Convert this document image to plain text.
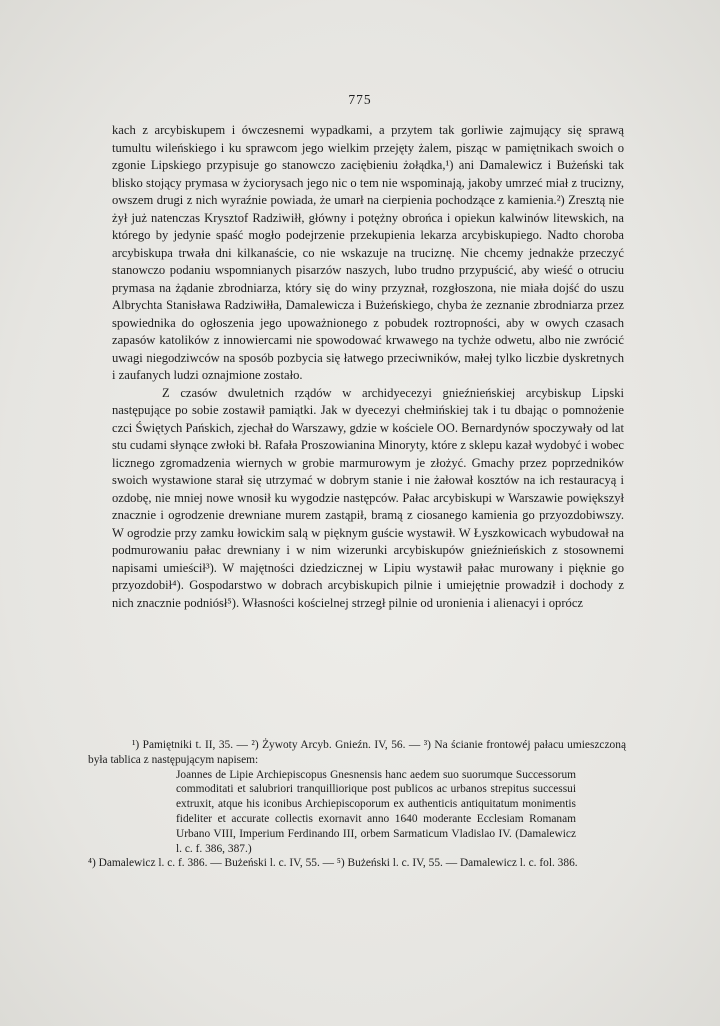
775

kach z arcybiskupem i ówczesnemi wypadkami, a przytem tak gorliwie zajmujący się sprawą tumultu wileńskiego i ku sprawcom jego wielkim przejęty żalem, pisząc w pamiętnikach swoich o zgonie Lipskiego przypisuje go stanowczo zaciębieniu żołądka,¹) ani Damalewicz i Bużeński tak blisko stojący prymasa w życiorysach jego nic o tem nie wspominają, jakoby umrzeć miał z trucizny, owszem drugi z nich wyraźnie powiada, że umarł na cierpienia pochodzące z kamienia.²) Zresztą nie żył już natenczas Krysztof Radziwiłł, główny i potężny obrońca i opiekun kalwinów litewskich, na którego by jedynie spaść mogło podejrzenie przekupienia lekarza arcybiskupiego. Nadto choroba arcybiskupa trwała dni kilkanaście, co nie wskazuje na truciznę. Nie chcemy jednakże przeczyć stanowczo podaniu wspomnianych pisarzów naszych, lubo trudno przypuścić, aby wieść o otruciu prymasa na żądanie zbrodniarza, który się do winy przyznał, rozgłoszona, nie miała dojść do uszu Albrychta Stanisława Radziwiłła, Damalewicza i Bużeńskiego, chyba że zeznanie zbrodniarza przez spowiednika do ogłoszenia jego upoważnionego z pobudek roztropności, aby w owych czasach zapasów katolików z innowiercami nie spowodować krwawego na tychże odwetu, albo nie zwrócić uwagi niegodziwców na sposób pozbycia się łatwego przeciwników, małej tylko liczbie dyskretnych i zaufanych ludzi oznajmione zostało.

Z czasów dwuletnich rządów w archidyecezyi gnieźnieńskiej arcybiskup Lipski następujące po sobie zostawił pamiątki. Jak w dyecezyi chełmińskiej tak i tu dbając o pomnożenie czci Świętych Pańskich, zjechał do Warszawy, gdzie w kościele OO. Bernardynów spoczywały od lat stu cudami słynące zwłoki bł. Rafała Proszowianina Minoryty, które z sklepu kazał wydobyć i wobec licznego zgromadzenia wiernych w grobie marmurowym je złożyć. Gmachy przez poprzedników swoich wystawione starał się utrzymać w dobrym stanie i nie żałował kosztów na ich restauracyą i ozdobę, nie mniej nowe wnosił ku wygodzie następców. Pałac arcybiskupi w Warszawie powiększył znacznie i ogrodzenie drewniane murem zastąpił, bramą z ciosanego kamienia go przyozdobiwszy. W ogrodzie przy zamku łowickim salą w pięknym guście wystawił. W Łyszkowicach wybudował na podmurowaniu pałac drewniany i w nim wizerunki arcybiskupów gnieźnieńskich z stosownemi napisami umieścił³). W majętności dziedzicznej w Lipiu wystawił pałac murowany i pięknie go przyozdobił⁴). Gospodarstwo w dobrach arcybiskupich pilnie i umiejętnie prowadził i dochody z nich znacznie podniósł⁵). Własności kościelnej strzegł pilnie od uronienia i alienacyi i oprócz

¹) Pamiętniki t. II, 35. — ²) Żywoty Arcyb. Gnieźn. IV, 56. — ³) Na ścianie frontowéj pałacu umieszczoną była tablica z następującym napisem:

Joannes de Lipie Archiepiscopus Gnesnensis hanc aedem suo suorumque Successorum commoditati et salubriori tranquilliorique post publicos ac urbanos strepitus successui extruxit, atque his iconibus Archiepiscoporum ex authenticis antiquitatum monimentis fideliter et accurate collectis exornavit anno 1640 moderante Ecclesiam Romanam Urbano VIII, Imperium Ferdinando III, orbem Sarmaticum Vladislao IV. (Damalewicz l. c. f. 386, 387.)

⁴) Damalewicz l. c. f. 386. — Bużeński l. c. IV, 55. — ⁵) Bużeński l. c. IV, 55. — Damalewicz l. c. fol. 386.
